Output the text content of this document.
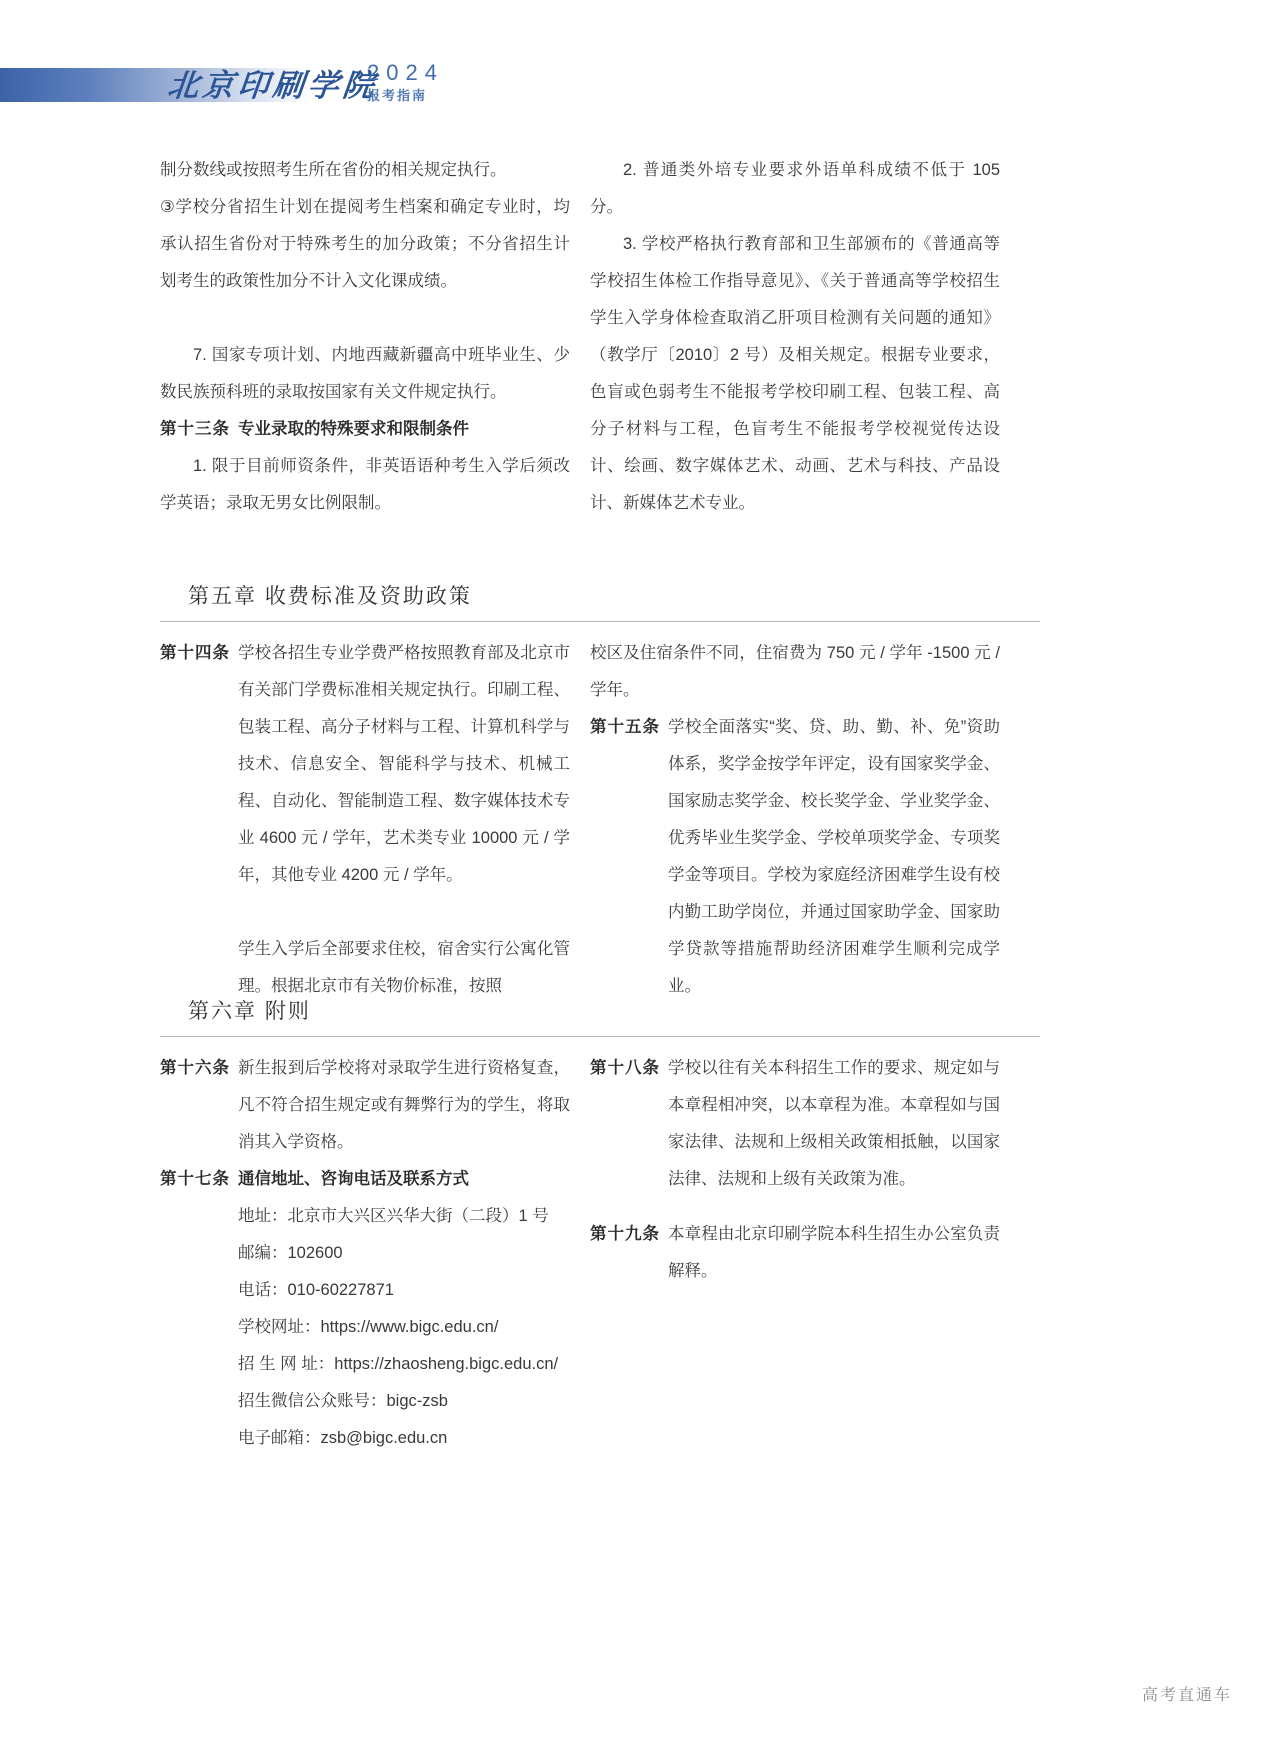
北京印刷学院
2024
报考指南

制分数线或按照考生所在省份的相关规定执行。

③学校分省招生计划在提阅考生档案和确定专业时，均承认招生省份对于特殊考生的加分政策；不分省招生计划考生的政策性加分不计入文化课成绩。

7. 国家专项计划、内地西藏新疆高中班毕业生、少数民族预科班的录取按国家有关文件规定执行。

第十三条 专业录取的特殊要求和限制条件

1. 限于目前师资条件，非英语语种考生入学后须改学英语；录取无男女比例限制。

2. 普通类外培专业要求外语单科成绩不低于 105 分。

3. 学校严格执行教育部和卫生部颁布的《普通高等学校招生体检工作指导意见》、《关于普通高等学校招生学生入学身体检查取消乙肝项目检测有关问题的通知》（教学厅〔2010〕2 号）及相关规定。根据专业要求，色盲或色弱考生不能报考学校印刷工程、包装工程、高分子材料与工程，色盲考生不能报考学校视觉传达设计、绘画、数字媒体艺术、动画、艺术与科技、产品设计、新媒体艺术专业。

第五章 收费标准及资助政策

第十四条 学校各招生专业学费严格按照教育部及北京市有关部门学费标准相关规定执行。印刷工程、包装工程、高分子材料与工程、计算机科学与技术、信息安全、智能科学与技术、机械工程、自动化、智能制造工程、数字媒体技术专业 4600 元 / 学年，艺术类专业 10000 元 / 学年，其他专业 4200 元 / 学年。

学生入学后全部要求住校，宿舍实行公寓化管理。根据北京市有关物价标准，按照

校区及住宿条件不同，住宿费为 750 元 / 学年 -1500 元 / 学年。

第十五条 学校全面落实“奖、贷、助、勤、补、免”资助体系，奖学金按学年评定，设有国家奖学金、国家励志奖学金、校长奖学金、学业奖学金、优秀毕业生奖学金、学校单项奖学金、专项奖学金等项目。学校为家庭经济困难学生设有校内勤工助学岗位，并通过国家助学金、国家助学贷款等措施帮助经济困难学生顺利完成学业。

第六章 附则

第十六条 新生报到后学校将对录取学生进行资格复查，凡不符合招生规定或有舞弊行为的学生，将取消其入学资格。

第十七条 通信地址、咨询电话及联系方式

地址：北京市大兴区兴华大街（二段）1 号

邮编：102600

电话：010-60227871

学校网址：https://www.bigc.edu.cn/

招 生 网 址：https://zhaosheng.bigc.edu.cn/

招生微信公众账号：bigc-zsb

电子邮箱：zsb@bigc.edu.cn

第十八条 学校以往有关本科招生工作的要求、规定如与本章程相冲突，以本章程为准。本章程如与国家法律、法规和上级相关政策相抵触，以国家法律、法规和上级有关政策为准。

第十九条 本章程由北京印刷学院本科生招生办公室负责解释。

高考直通车
